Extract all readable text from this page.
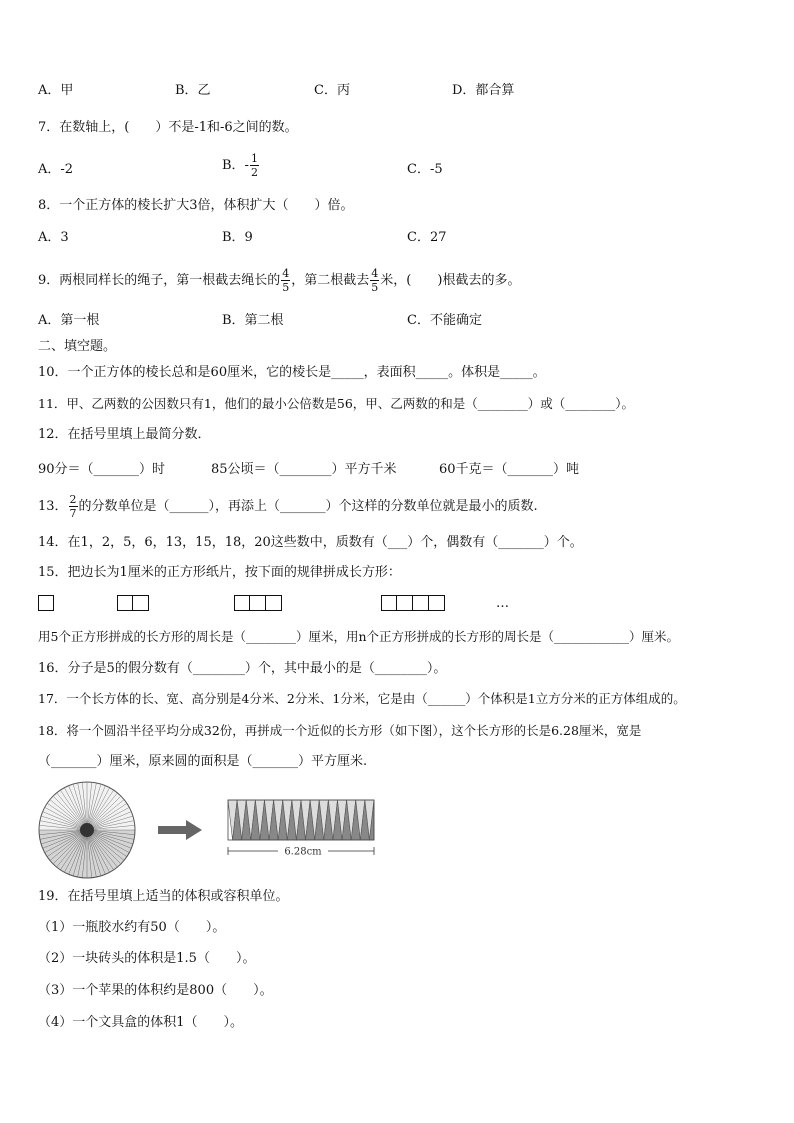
A．甲	B．乙	C．丙	D．都合算
7．在数轴上，(　　）不是-1和-6之间的数。
A．-2	B．- $\frac{1}{2}$	C．-5
8．一个正方体的棱长扩大3倍，体积扩大（　　）倍。
A．3	B．9	C．27
9．两根同样长的绳子，第一根截去绳长的 $\frac{4}{5}$ ，第二根截去 $\frac{4}{5}$ 米，(　　)根截去的多。
A．第一根	B．第二根	C．不能确定
二、填空题。
10．一个正方体的棱长总和是60厘米，它的棱长是_____，表面积_____。体积是_____。
11．甲、乙两数的公因数只有1，他们的最小公倍数是56，甲、乙两数的和是（________）或（________）。
12．在括号里填上最简分数．
90分＝（_______）时	85公顷＝（________）平方千米	60千克＝（_______）吨
13． $\frac{2}{7}$ 的分数单位是（______），再添上（_______）个这样的分数单位就是最小的质数.
14．在1，2，5，6，13，15，18，20这些数中，质数有（___）个，偶数有（_______）个。
15．把边长为1厘米的正方形纸片，按下面的规律拼成长方形：
…
用5个正方形拼成的长方形的周长是（________）厘米，用n个正方形拼成的长方形的周长是（____________）厘米。
16．分子是5的假分数有（________）个，其中最小的是（________）。
17．一个长方体的长、宽、高分别是4分米、2分米、1分米，它是由（______）个体积是1立方分米的正方体组成的。
18．将一个圆沿半径平均分成32份，再拼成一个近似的长方形（如下图），这个长方形的长是6.28厘米，宽是
（_______）厘米，原来圆的面积是（_______）平方厘米.
6.28cm
19．在括号里填上适当的体积或容积单位。
（1）一瓶胶水约有50（　　）。
（2）一块砖头的体积是1.5（　　）。
（3）一个苹果的体积约是800（　　）。
（4）一个文具盒的体积1（　　）。
